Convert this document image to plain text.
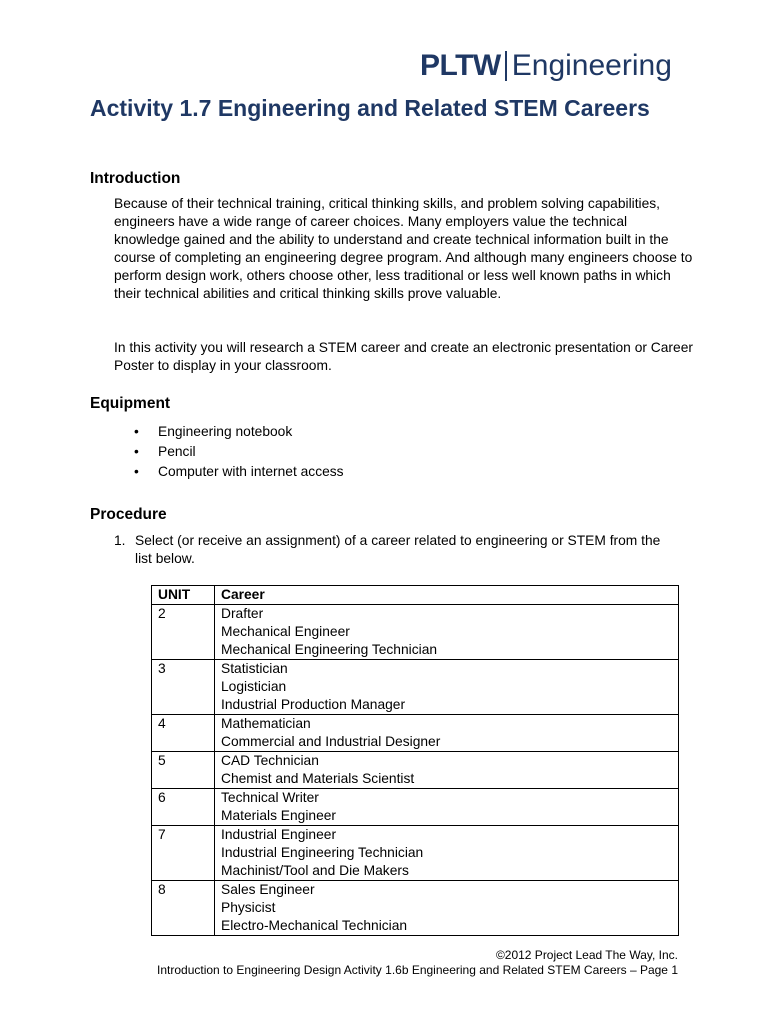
PLTW Engineering
Activity 1.7 Engineering and Related STEM Careers
Introduction

Because of their technical training, critical thinking skills, and problem solving capabilities, engineers have a wide range of career choices. Many employers value the technical knowledge gained and the ability to understand and create technical information built in the course of completing an engineering degree program. And although many engineers choose to perform design work, others choose other, less traditional or less well known paths in which their technical abilities and critical thinking skills prove valuable.

In this activity you will research a STEM career and create an electronic presentation or Career Poster to display in your classroom.

Equipment
• Engineering notebook
• Pencil
• Computer with internet access
Procedure
1. Select (or receive an assignment) of a career related to engineering or STEM from the list below.
UNIT	Career
2	Drafter
Mechanical Engineer
Mechanical Engineering Technician

3	Statistician
Logistician
Industrial Production Manager

4	Mathematician
Commercial and Industrial Designer

5	CAD Technician
Chemist and Materials Scientist

6	Technical Writer
Materials Engineer

7	Industrial Engineer
Industrial Engineering Technician
Machinist/Tool and Die Makers

8	Sales Engineer
Physicist
Electro-Mechanical Technician
©2012 Project Lead The Way, Inc.
Introduction to Engineering Design Activity 1.6b Engineering and Related STEM Careers – Page 1
